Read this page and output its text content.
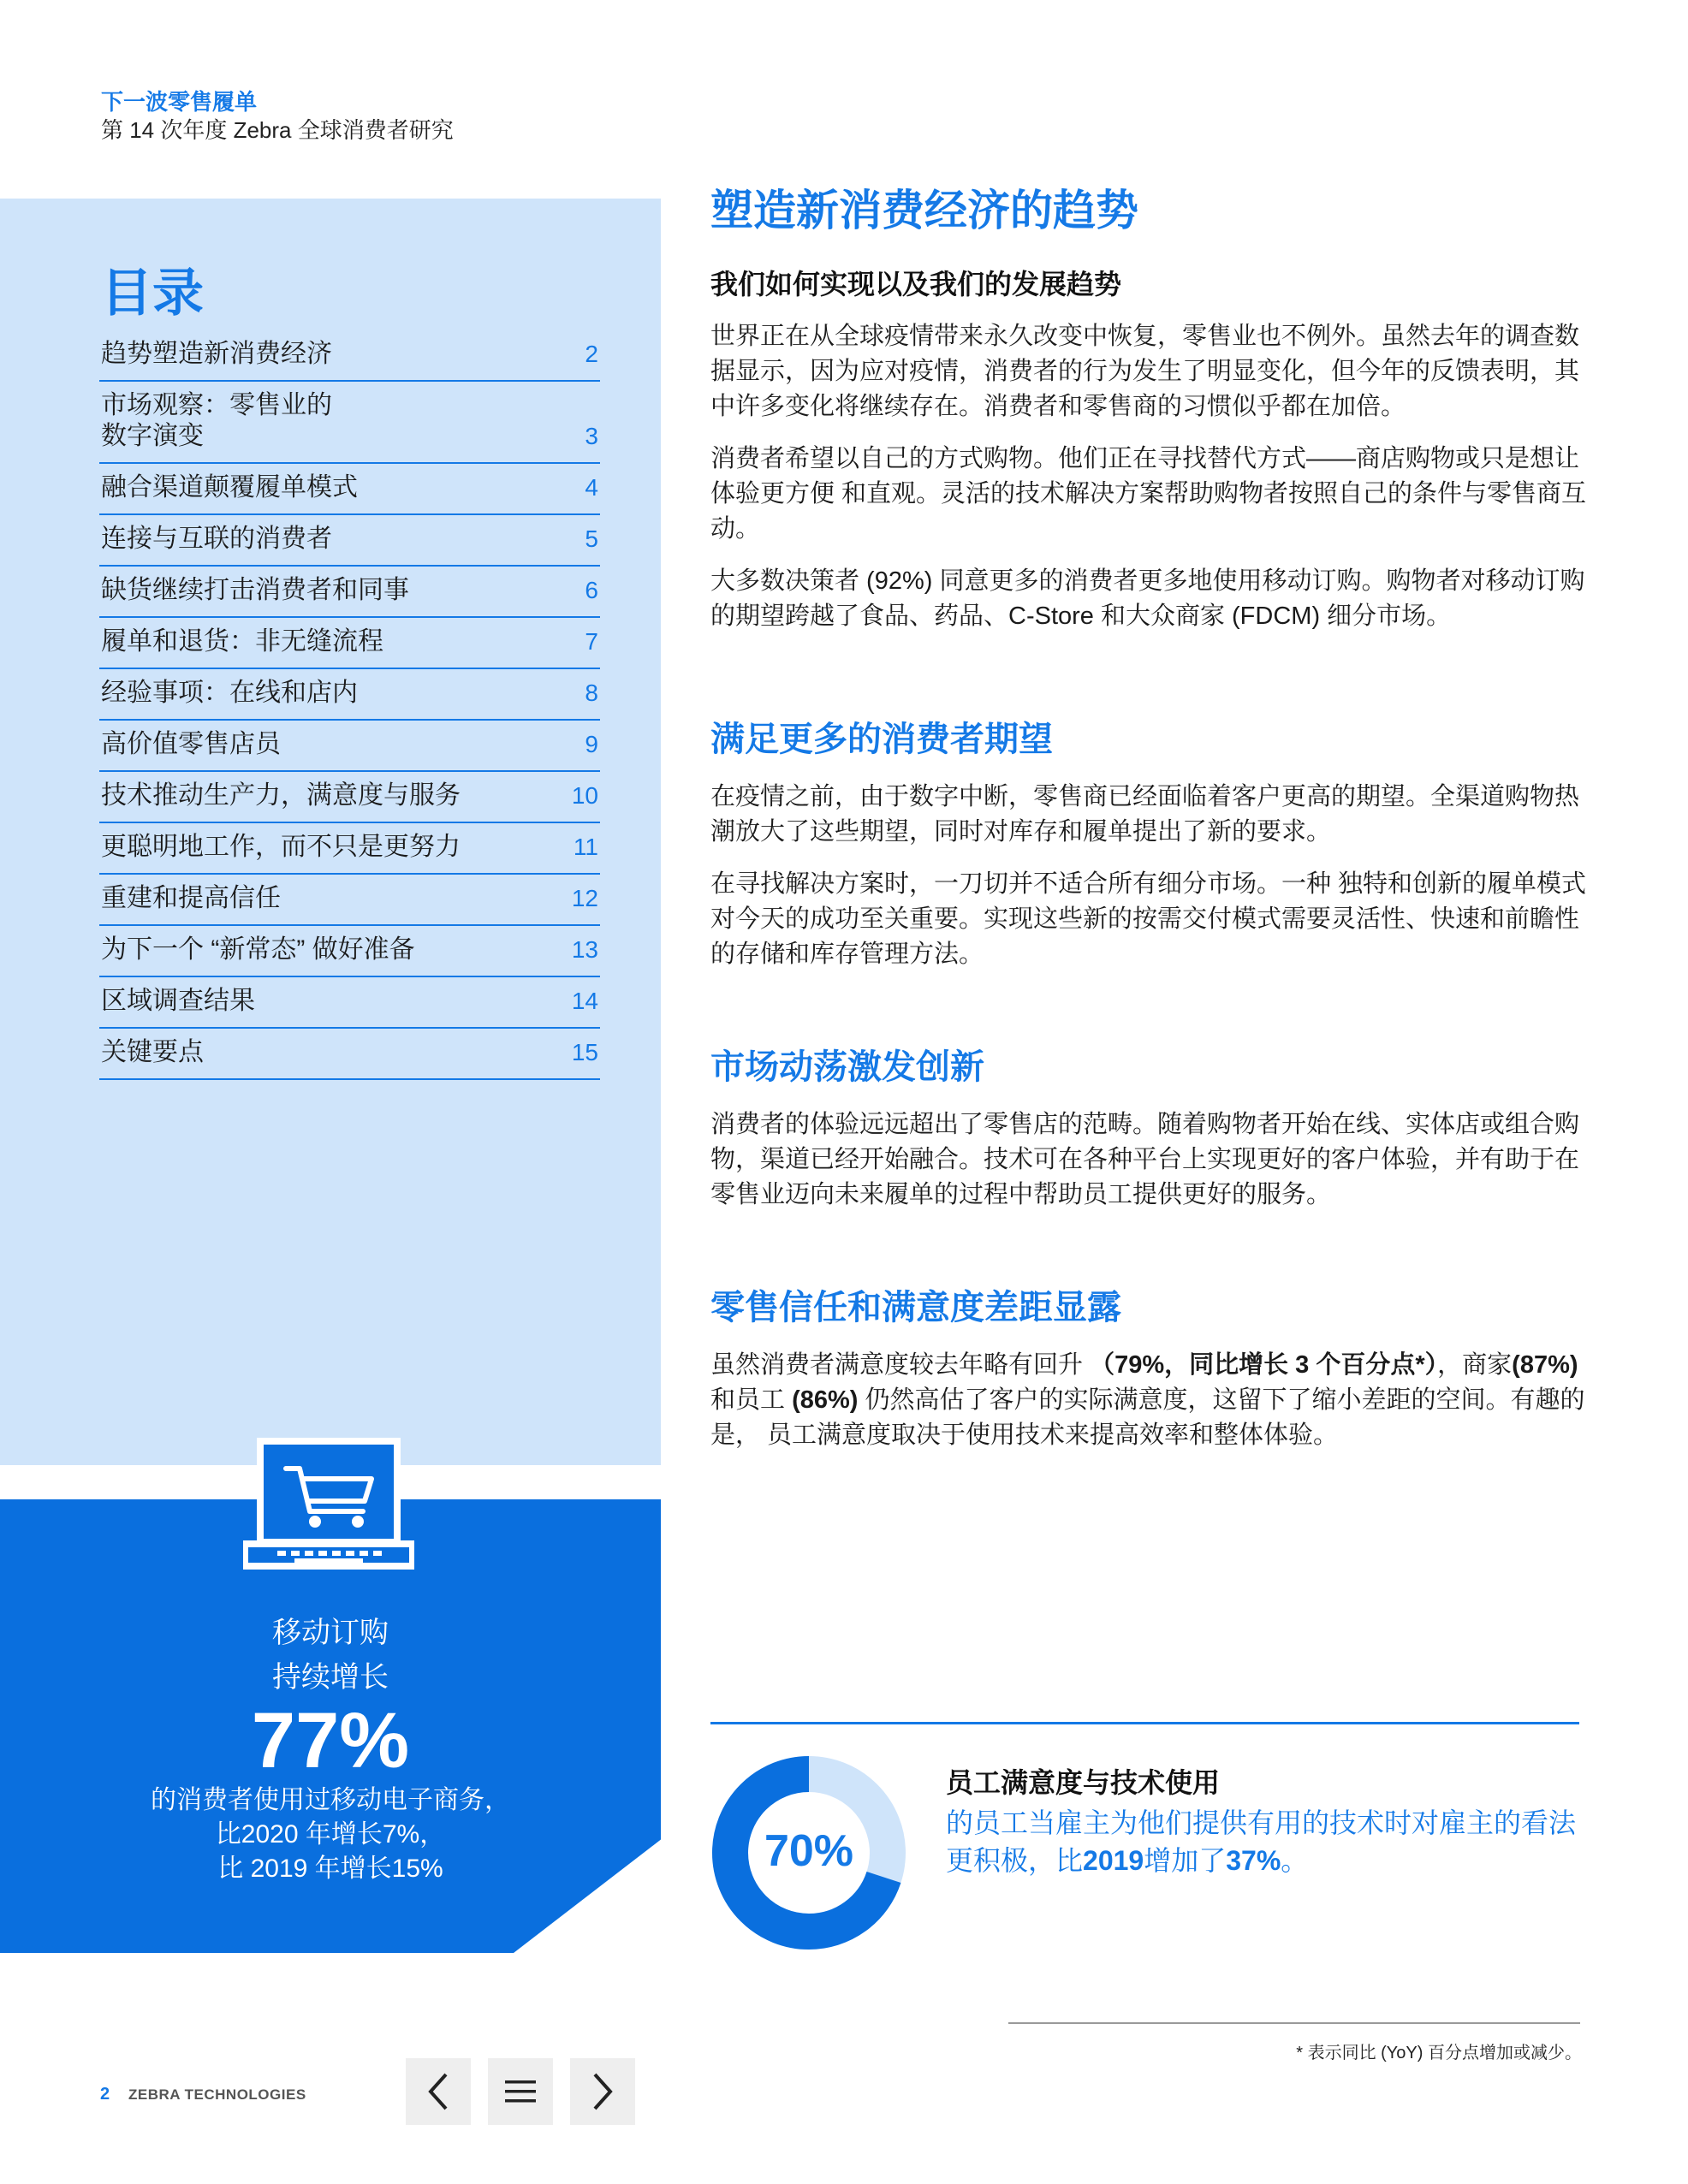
下一波零售履单
第 14 次年度 Zebra 全球消费者研究
目录
趋势塑造新消费经济	2
市场观察：零售业的
数字演变	3
融合渠道颠覆履单模式	4
连接与互联的消费者	5
缺货继续打击消费者和同事	6
履单和退货：非无缝流程	7
经验事项：在线和店内	8
高价值零售店员	9
技术推动生产力，满意度与服务	10
更聪明地工作，而不只是更努力	11
重建和提高信任	12
为下一个 “新常态” 做好准备	13
区域调查结果	14
关键要点	15
移动订购
持续增长
77%
的消费者使用过移动电子商务，
比2020 年增长7%，
比 2019 年增长15%
塑造新消费经济的趋势
我们如何实现以及我们的发展趋势

世界正在从全球疫情带来永久改变中恢复，零售业也不例外。虽然去年的调查数据显示，因为应对疫情，消费者的行为发生了明显变化，但今年的反馈表明，其中许多变化将继续存在。消费者和零售商的习惯似乎都在加倍。

消费者希望以自己的方式购物。他们正在寻找替代方式——商店购物或只是想让体验更方便 和直观。灵活的技术解决方案帮助购物者按照自己的条件与零售商互动。

大多数决策者 (92%) 同意更多的消费者更多地使用移动订购。购物者对移动订购的期望跨越了食品、药品、C-Store 和大众商家 (FDCM) 细分市场。

满足更多的消费者期望

在疫情之前，由于数字中断，零售商已经面临着客户更高的期望。全渠道购物热潮放大了这些期望，同时对库存和履单提出了新的要求。

在寻找解决方案时，一刀切并不适合所有细分市场。一种 独特和创新的履单模式对今天的成功至关重要。实现这些新的按需交付模式需要灵活性、快速和前瞻性的存储和库存管理方法。

市场动荡激发创新

消费者的体验远远超出了零售店的范畴。随着购物者开始在线、实体店或组合购物，渠道已经开始融合。技术可在各种平台上实现更好的客户体验，并有助于在零售业迈向未来履单的过程中帮助员工提供更好的服务。

零售信任和满意度差距显露

虽然消费者满意度较去年略有回升 （79%，同比增长 3 个百分点*），商家(87%) 和员工 (86%) 仍然高估了客户的实际满意度，这留下了缩小差距的空间。有趣的是， 员工满意度取决于使用技术来提高效率和整体体验。

70%
员工满意度与技术使用
的员工当雇主为他们提供有用的技术时对雇主的看法更积极，比2019增加了37%。
* 表示同比 (YoY) 百分点增加或减少。
2 ZEBRA TECHNOLOGIES
